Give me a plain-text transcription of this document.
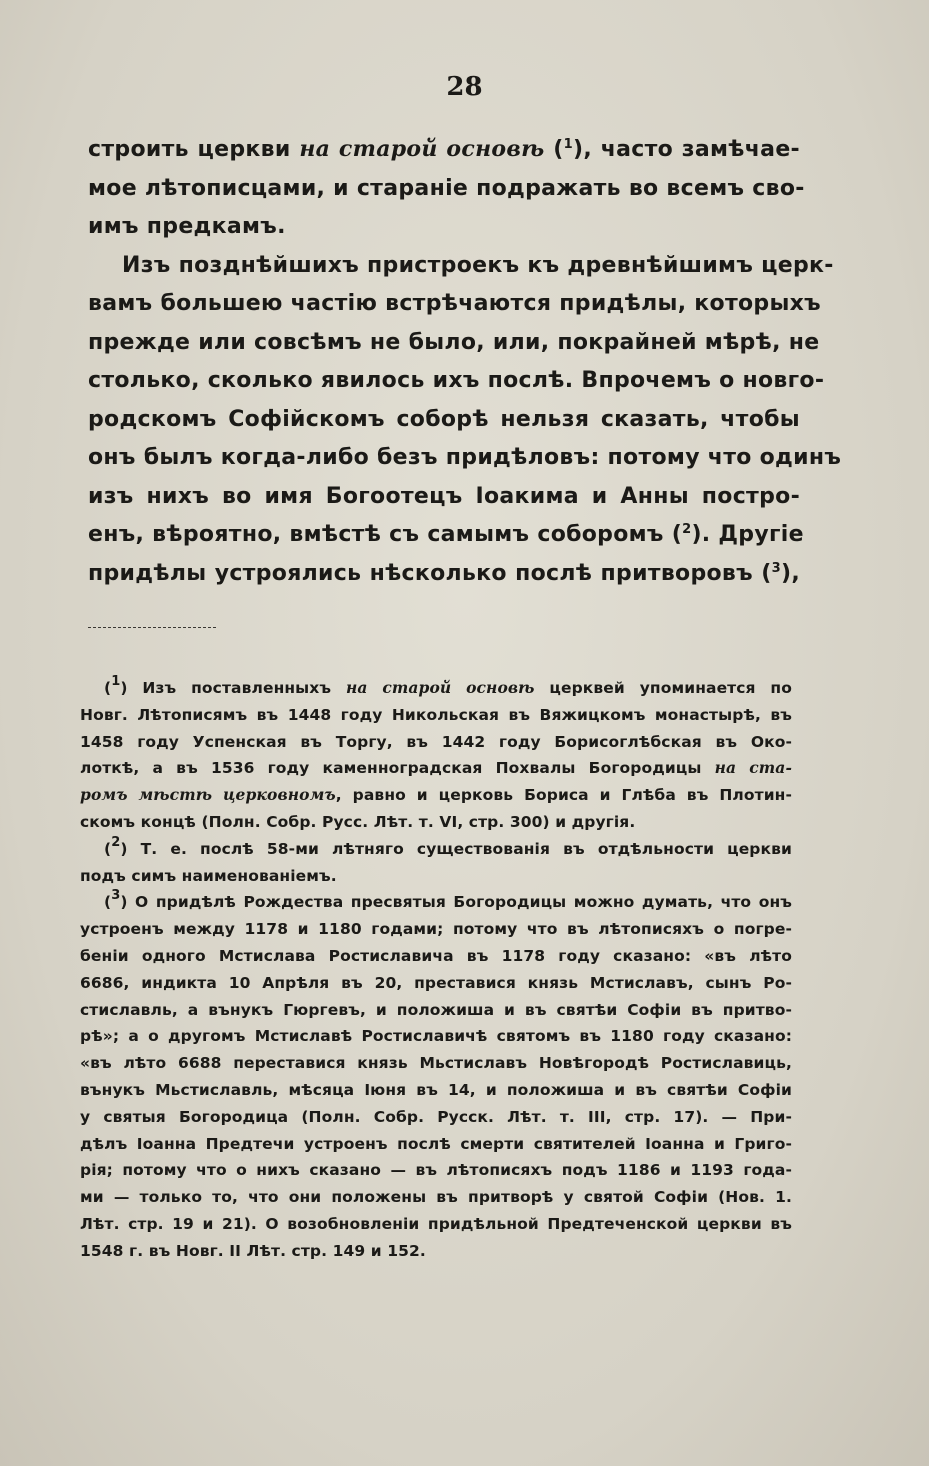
28
строить церкви на старой основѣ ($^1$), часто замѣчае-
мое лѣтописцами, и стараніе подражать во всемъ сво-
имъ предкамъ.
Изъ позднѣйшихъ пристроекъ къ древнѣйшимъ церк-
вамъ большею частію встрѣчаются придѣлы, которыхъ
прежде или совсѣмъ не было, или, покрайней мѣрѣ, не
столько, сколько явилось ихъ послѣ. Впрочемъ о новго-
родскомъ Софійскомъ соборѣ нельзя сказать, чтобы
онъ былъ когда-либо безъ придѣловъ: потому что одинъ
изъ нихъ во имя Богоотецъ Іоакима и Анны постро-
енъ, вѣроятно, вмѣстѣ съ самымъ соборомъ ($^2$). Другіе
придѣлы устроялись нѣсколько послѣ притворовъ ($^3$),
($^1$) Изъ поставленныхъ на старой основѣ церквей упоминается по
Новг. Лѣтописямъ въ 1448 году Никольская въ Вяжицкомъ монастырѣ, въ
1458 году Успенская въ Торгу, въ 1442 году Борисоглѣбская въ Око-
лоткѣ, а въ 1536 году каменноградская Похвалы Богородицы на ста-
ромъ мѣстѣ церковномъ, равно и церковь Бориса и Глѣба въ Плотин-
скомъ концѣ (Полн. Собр. Русс. Лѣт. т. VI, стр. 300) и другія.
($^2$) Т. е. послѣ 58-ми лѣтняго существованія въ отдѣльности церкви
подъ симъ наименованіемъ.
($^3$) О придѣлѣ Рождества пресвятыя Богородицы можно думать, что онъ
устроенъ между 1178 и 1180 годами; потому что въ лѣтописяхъ о погре-
беніи одного Мстислава Ростиславича въ 1178 году сказано: «въ лѣто
6686, индикта 10 Апрѣля въ 20, преставися князь Мстиславъ, сынъ Ро-
стиславль, а вънукъ Гюргевъ, и положиша и въ святѣи Софіи въ притво-
рѣ»; а о другомъ Мстиславѣ Ростиславичѣ святомъ въ 1180 году сказано:
«въ лѣто 6688 переставися князь Мьстиславъ Новѣгородѣ Ростиславиць,
вънукъ Мьстиславль, мѣсяца Іюня въ 14, и положиша и въ святѣи Софіи
у святыя Богородица (Полн. Собр. Русск. Лѣт. т. III, стр. 17). — При-
дѣлъ Іоанна Предтечи устроенъ послѣ смерти святителей Іоанна и Григо-
рія; потому что о нихъ сказано — въ лѣтописяхъ подъ 1186 и 1193 года-
ми — только то, что они положены въ притворѣ у святой Софіи (Нов. 1.
Лѣт. стр. 19 и 21). О возобновленіи придѣльной Предтеченской церкви въ
1548 г. въ Новг. II Лѣт. стр. 149 и 152.
